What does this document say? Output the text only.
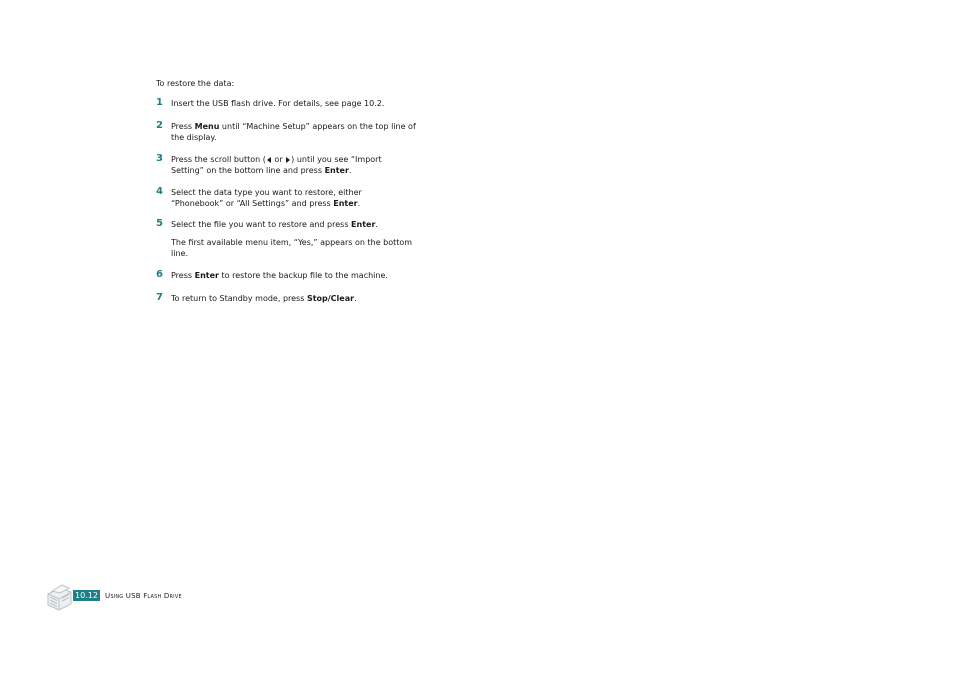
To restore the data:
1 Insert the USB flash drive. For details, see page 10.2.
2 Press Menu until “Machine Setup” appears on the top line of the display.
3 Press the scroll button ( or ) until you see “Import Setting” on the bottom line and press Enter.
4 Select the data type you want to restore, either “Phonebook” or “All Settings” and press Enter.
5 Select the file you want to restore and press Enter.
The first available menu item, “Yes,” appears on the bottom line.
6 Press Enter to restore the backup file to the machine.
7 To return to Standby mode, press Stop/Clear.
10.12 Using USB Flash Drive
